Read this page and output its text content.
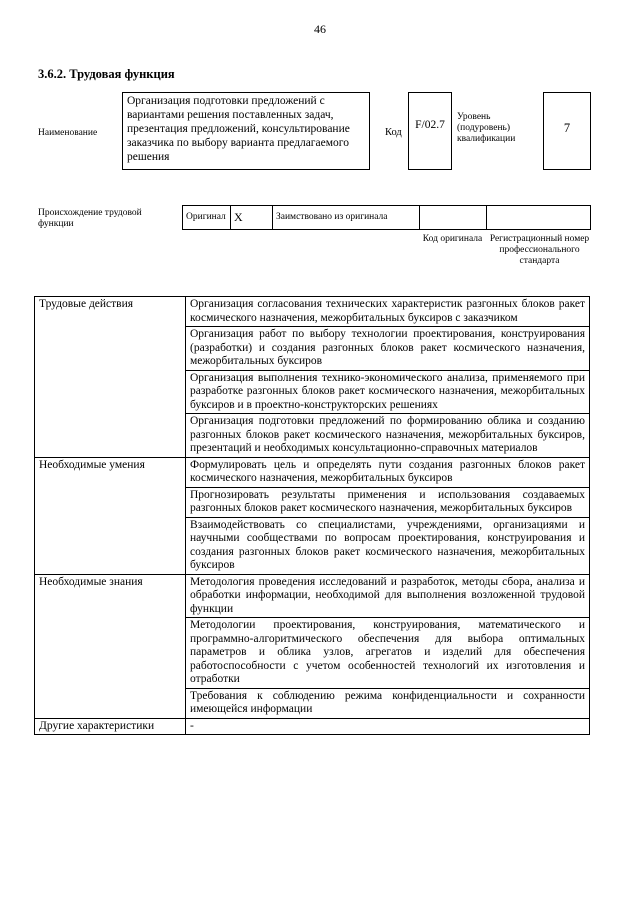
46
3.6.2. Трудовая функция
Наименование
Организация подготовки предложений с вариантами решения поставленных задач, презентация предложений, консультирование заказчика по выбору варианта предлагаемого решения
Код
F/02.7
Уровень (подуровень) квалификации
7
Происхождение трудовой функции
Оригинал X	Заимствовано из оригинала
Код оригинала Регистрационный номер профессионального стандарта
Трудовые действия	Организация согласования технических характеристик разгонных блоков ракет космического назначения, межорбитальных буксиров с заказчиком
	Организация работ по выбору технологии проектирования, конструирования (разработки) и создания разгонных блоков ракет космического назначения, межорбитальных буксиров
	Организация выполнения технико-экономического анализа, применяемого при разработке разгонных блоков ракет космического назначения, межорбитальных буксиров и в проектно-конструкторских решениях
	Организация подготовки предложений по формированию облика и созданию разгонных блоков ракет космического назначения, межорбитальных буксиров, презентаций и необходимых консультационно-справочных материалов
Необходимые умения	Формулировать цель и определять пути создания разгонных блоков ракет космического назначения, межорбитальных буксиров
	Прогнозировать результаты применения и использования создаваемых разгонных блоков ракет космического назначения, межорбитальных буксиров
	Взаимодействовать со специалистами, учреждениями, организациями и научными сообществами по вопросам проектирования, конструирования и создания разгонных блоков ракет космического назначения, межорбитальных буксиров
Необходимые знания	Методология проведения исследований и разработок, методы сбора, анализа и обработки информации, необходимой для выполнения возложенной трудовой функции
	Методологии проектирования, конструирования, математического и программно-алгоритмического обеспечения для выбора оптимальных параметров и облика узлов, агрегатов и изделий для обеспечения работоспособности с учетом особенностей технологий их изготовления и отработки
	Требования к соблюдению режима конфиденциальности и сохранности имеющейся информации
Другие характеристики	-
